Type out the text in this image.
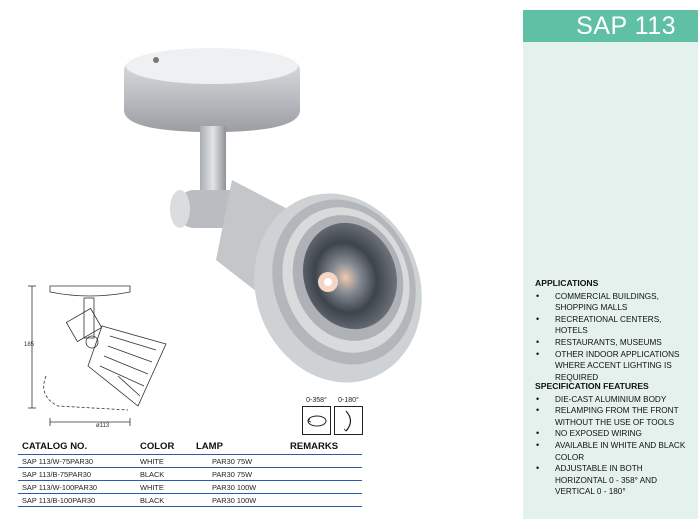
SAP 113
APPLICATIONS
• COMMERCIAL BUILDINGS, SHOPPING MALLS
• RECREATIONAL CENTERS, HOTELS
• RESTAURANTS, MUSEUMS
• OTHER INDOOR APPLICATIONS WHERE ACCENT LIGHTING IS REQUIRED
SPECIFICATION FEATURES
• DIE-CAST ALUMINIUM BODY
• RELAMPING FROM THE FRONT WITHOUT THE USE OF TOOLS
• NO EXPOSED WIRING
• AVAILABLE IN WHITE AND BLACK COLOR
• ADJUSTABLE IN BOTH HORIZONTAL 0 - 358° AND VERTICAL 0 - 180°
185
ø113
0-358°	0-180°
CATALOG NO.	COLOR	LAMP	REMARKS
SAP 113/W-75PAR30	WHITE	PAR30 75W	
SAP 113/B-75PAR30	BLACK	PAR30 75W	
SAP 113/W-100PAR30	WHITE	PAR30 100W	
SAP 113/B-100PAR30	BLACK	PAR30 100W	
